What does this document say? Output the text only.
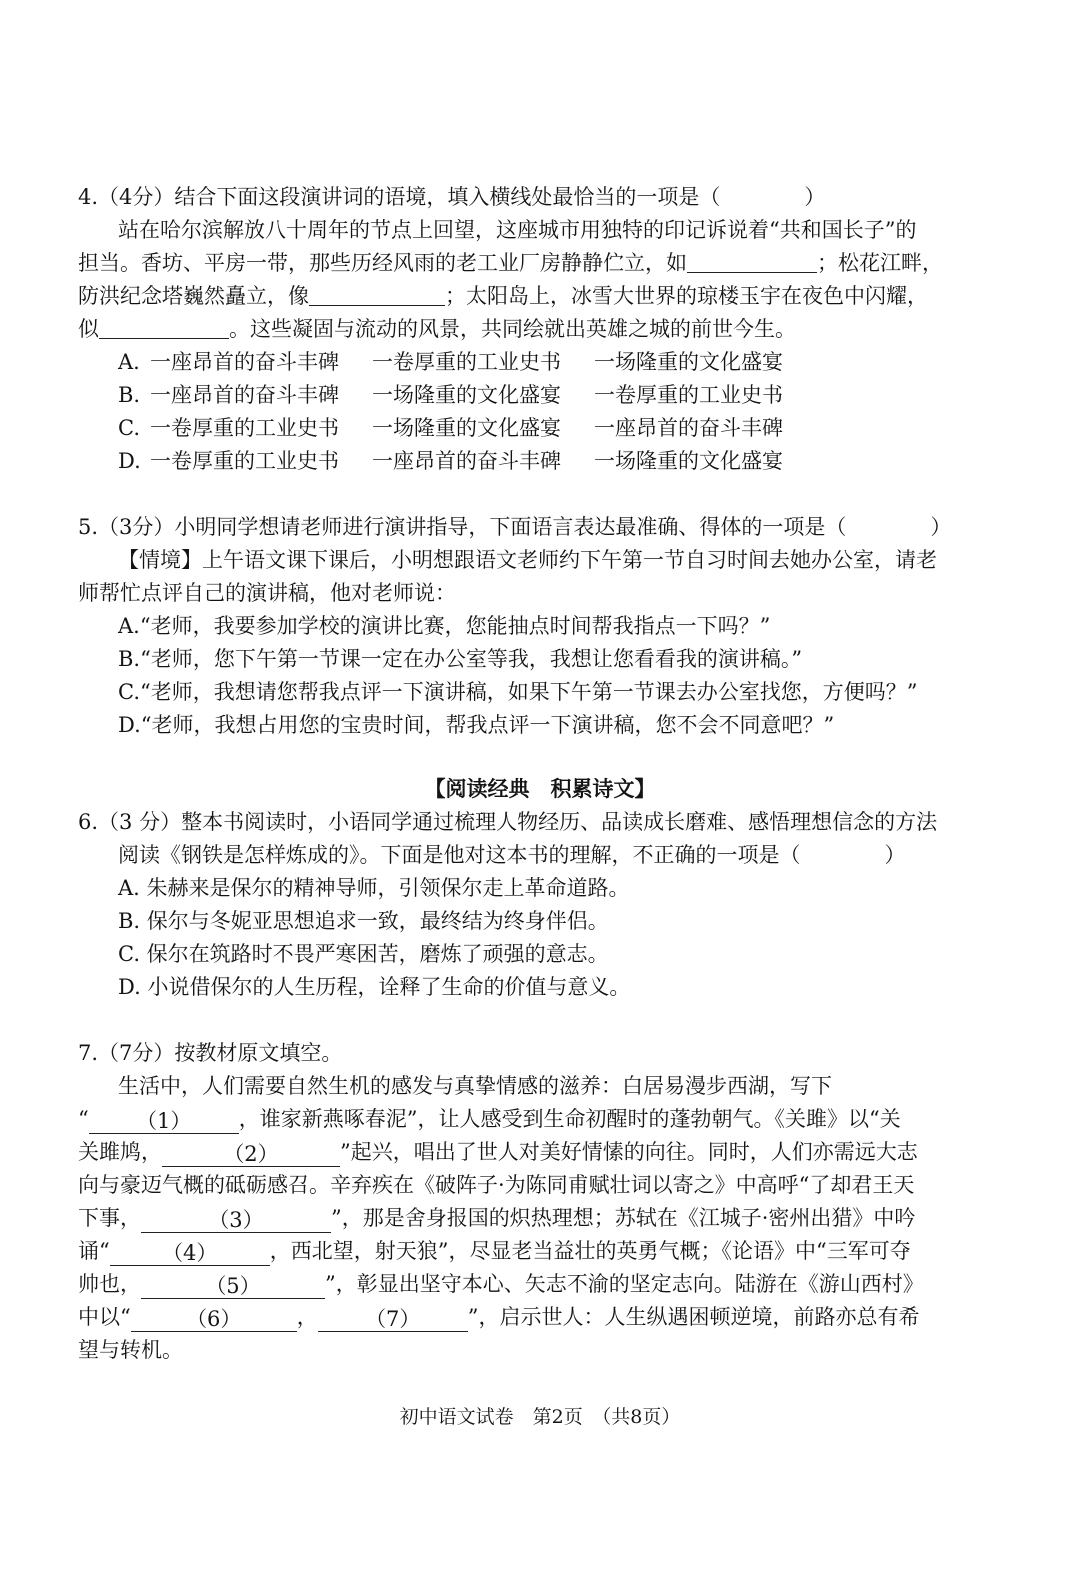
4.（4分）结合下面这段演讲词的语境，填入横线处最恰当的一项是（　　　　）
站在哈尔滨解放八十周年的节点上回望，这座城市用独特的印记诉说着“共和国长子”的
担当。香坊、平房一带，那些历经风雨的老工业厂房静静伫立，如	；松花江畔，
防洪纪念塔巍然矗立，像	；太阳岛上，冰雪大世界的琼楼玉宇在夜色中闪耀，
似	。这些凝固与流动的风景，共同绘就出英雄之城的前世今生。
A. 一座昂首的奋斗丰碑 一卷厚重的工业史书 一场隆重的文化盛宴
B. 一座昂首的奋斗丰碑 一场隆重的文化盛宴 一卷厚重的工业史书
C. 一卷厚重的工业史书 一场隆重的文化盛宴 一座昂首的奋斗丰碑
D. 一卷厚重的工业史书 一座昂首的奋斗丰碑 一场隆重的文化盛宴
5.（3分）小明同学想请老师进行演讲指导，下面语言表达最准确、得体的一项是（　　　　）
【情境】上午语文课下课后，小明想跟语文老师约下午第一节自习时间去她办公室，请老
师帮忙点评自己的演讲稿，他对老师说：
A.“老师，我要参加学校的演讲比赛，您能抽点时间帮我指点一下吗？”
B.“老师，您下午第一节课一定在办公室等我，我想让您看看我的演讲稿。”
C.“老师，我想请您帮我点评一下演讲稿，如果下午第一节课去办公室找您，方便吗？”
D.“老师，我想占用您的宝贵时间，帮我点评一下演讲稿，您不会不同意吧？”
【阅读经典　积累诗文】
6.（3 分）整本书阅读时，小语同学通过梳理人物经历、品读成长磨难、感悟理想信念的方法
阅读《钢铁是怎样炼成的》。下面是他对这本书的理解，不正确的一项是（　　　　）
A. 朱赫来是保尔的精神导师，引领保尔走上革命道路。
B. 保尔与冬妮亚思想追求一致，最终结为终身伴侣。
C. 保尔在筑路时不畏严寒困苦，磨炼了顽强的意志。
D. 小说借保尔的人生历程，诠释了生命的价值与意义。
7.（7分）按教材原文填空。
生活中，人们需要自然生机的感发与真挚情感的滋养：白居易漫步西湖，写下
“ （1） ，谁家新燕啄春泥”，让人感受到生命初醒时的蓬勃朝气。《关雎》以“关
关雎鸠，	（2）	”起兴，唱出了世人对美好情愫的向往。同时，人们亦需远大志
向与豪迈气概的砥砺感召。辛弃疾在《破阵子·为陈同甫赋壮词以寄之》中高呼“了却君王天
下事，	（3）	”，那是舍身报国的炽热理想；苏轼在《江城子·密州出猎》中吟
诵“ （4） ，西北望，射天狼”，尽显老当益壮的英勇气概；《论语》中“三军可夺
帅也，	（5）	”，彰显出坚守本心、矢志不渝的坚定志向。陆游在《游山西村》
中以“	（6）	， （7） ”，启示世人：人生纵遇困顿逆境，前路亦总有希
望与转机。
初中语文试卷　第2页　（共8页）
